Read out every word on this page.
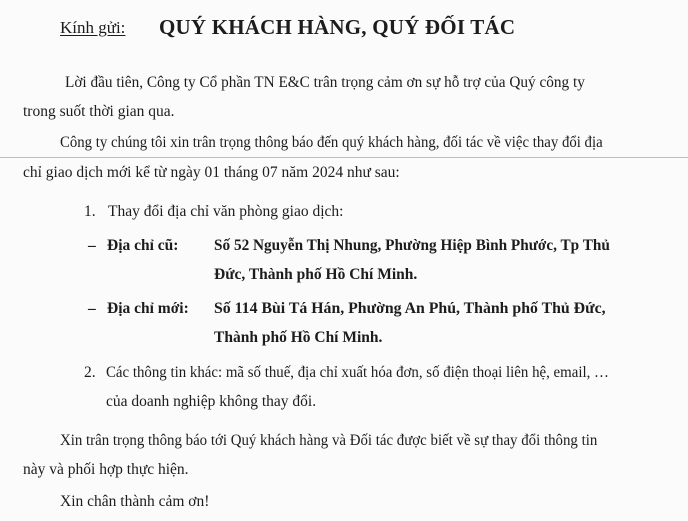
Kính gửi: QUÝ KHÁCH HÀNG, QUÝ ĐỐI TÁC
Lời đầu tiên, Công ty Cổ phần TN E&C trân trọng cảm ơn sự hỗ trợ của Quý công ty
trong suốt thời gian qua.
Công ty chúng tôi xin trân trọng thông báo đến quý khách hàng, đối tác về việc thay đổi địa
chỉ giao dịch mới kể từ ngày 01 tháng 07 năm 2024 như sau:
1. Thay đổi địa chỉ văn phòng giao dịch:
– Địa chỉ cũ: Số 52 Nguyễn Thị Nhung, Phường Hiệp Bình Phước, Tp Thủ
Đức, Thành phố Hồ Chí Minh.
– Địa chỉ mới: Số 114 Bùi Tá Hán, Phường An Phú, Thành phố Thủ Đức,
Thành phố Hồ Chí Minh.
2. Các thông tin khác: mã số thuế, địa chỉ xuất hóa đơn, số điện thoại liên hệ, email, …
của doanh nghiệp không thay đổi.
Xin trân trọng thông báo tới Quý khách hàng và Đối tác được biết về sự thay đổi thông tin
này và phối hợp thực hiện.
Xin chân thành cảm ơn!
